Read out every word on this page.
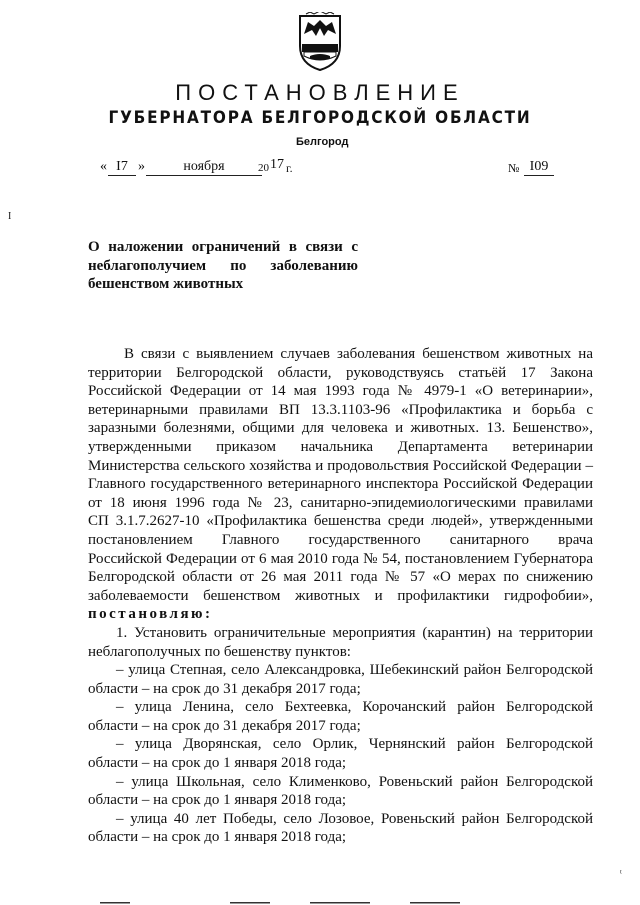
ПОСТАНОВЛЕНИЕ
ГУБЕРНАТОРА БЕЛГОРОДСКОЙ ОБЛАСТИ
Белгород
« I7 »	ноября	20 17 г.	№ I09
I
О наложении ограничений в связи с
неблагополучием по заболеванию
бешенством животных
В связи с выявлением случаев заболевания бешенством животных на
территории Белгородской области, руководствуясь статьёй 17 Закона
Российской Федерации от 14 мая 1993 года № 4979-1 «О ветеринарии»,
ветеринарными правилами ВП 13.3.1103-96 «Профилактика и борьба с
заразными болезнями, общими для человека и животных. 13. Бешенство»,
утвержденными приказом начальника Департамента ветеринарии
Министерства сельского хозяйства и продовольствия Российской Федерации –
Главного государственного ветеринарного инспектора Российской Федерации
от 18 июня 1996 года № 23, санитарно-эпидемиологическими правилами
СП 3.1.7.2627-10 «Профилактика бешенства среди людей», утвержденными
постановлением Главного государственного санитарного врача
Российской Федерации от 6 мая 2010 года № 54, постановлением Губернатора
Белгородской области от 26 мая 2011 года № 57 «О мерах по снижению
заболеваемости бешенством животных и профилактики гидрофобии»,
постановляю:
1. Установить ограничительные мероприятия (карантин) на территории
неблагополучных по бешенству пунктов:
– улица Степная, село Александровка, Шебекинский район Белгородской
области – на срок до 31 декабря 2017 года;
– улица Ленина, село Бехтеевка, Корочанский район Белгородской
области – на срок до 31 декабря 2017 года;
– улица Дворянская, село Орлик, Чернянский район Белгородской
области – на срок до 1 января 2018 года;
– улица Школьная, село Клименково, Ровеньский район Белгородской
области – на срок до 1 января 2018 года;
– улица 40 лет Победы, село Лозовое, Ровеньский район Белгородской
области – на срок до 1 января 2018 года;
ᵗ
